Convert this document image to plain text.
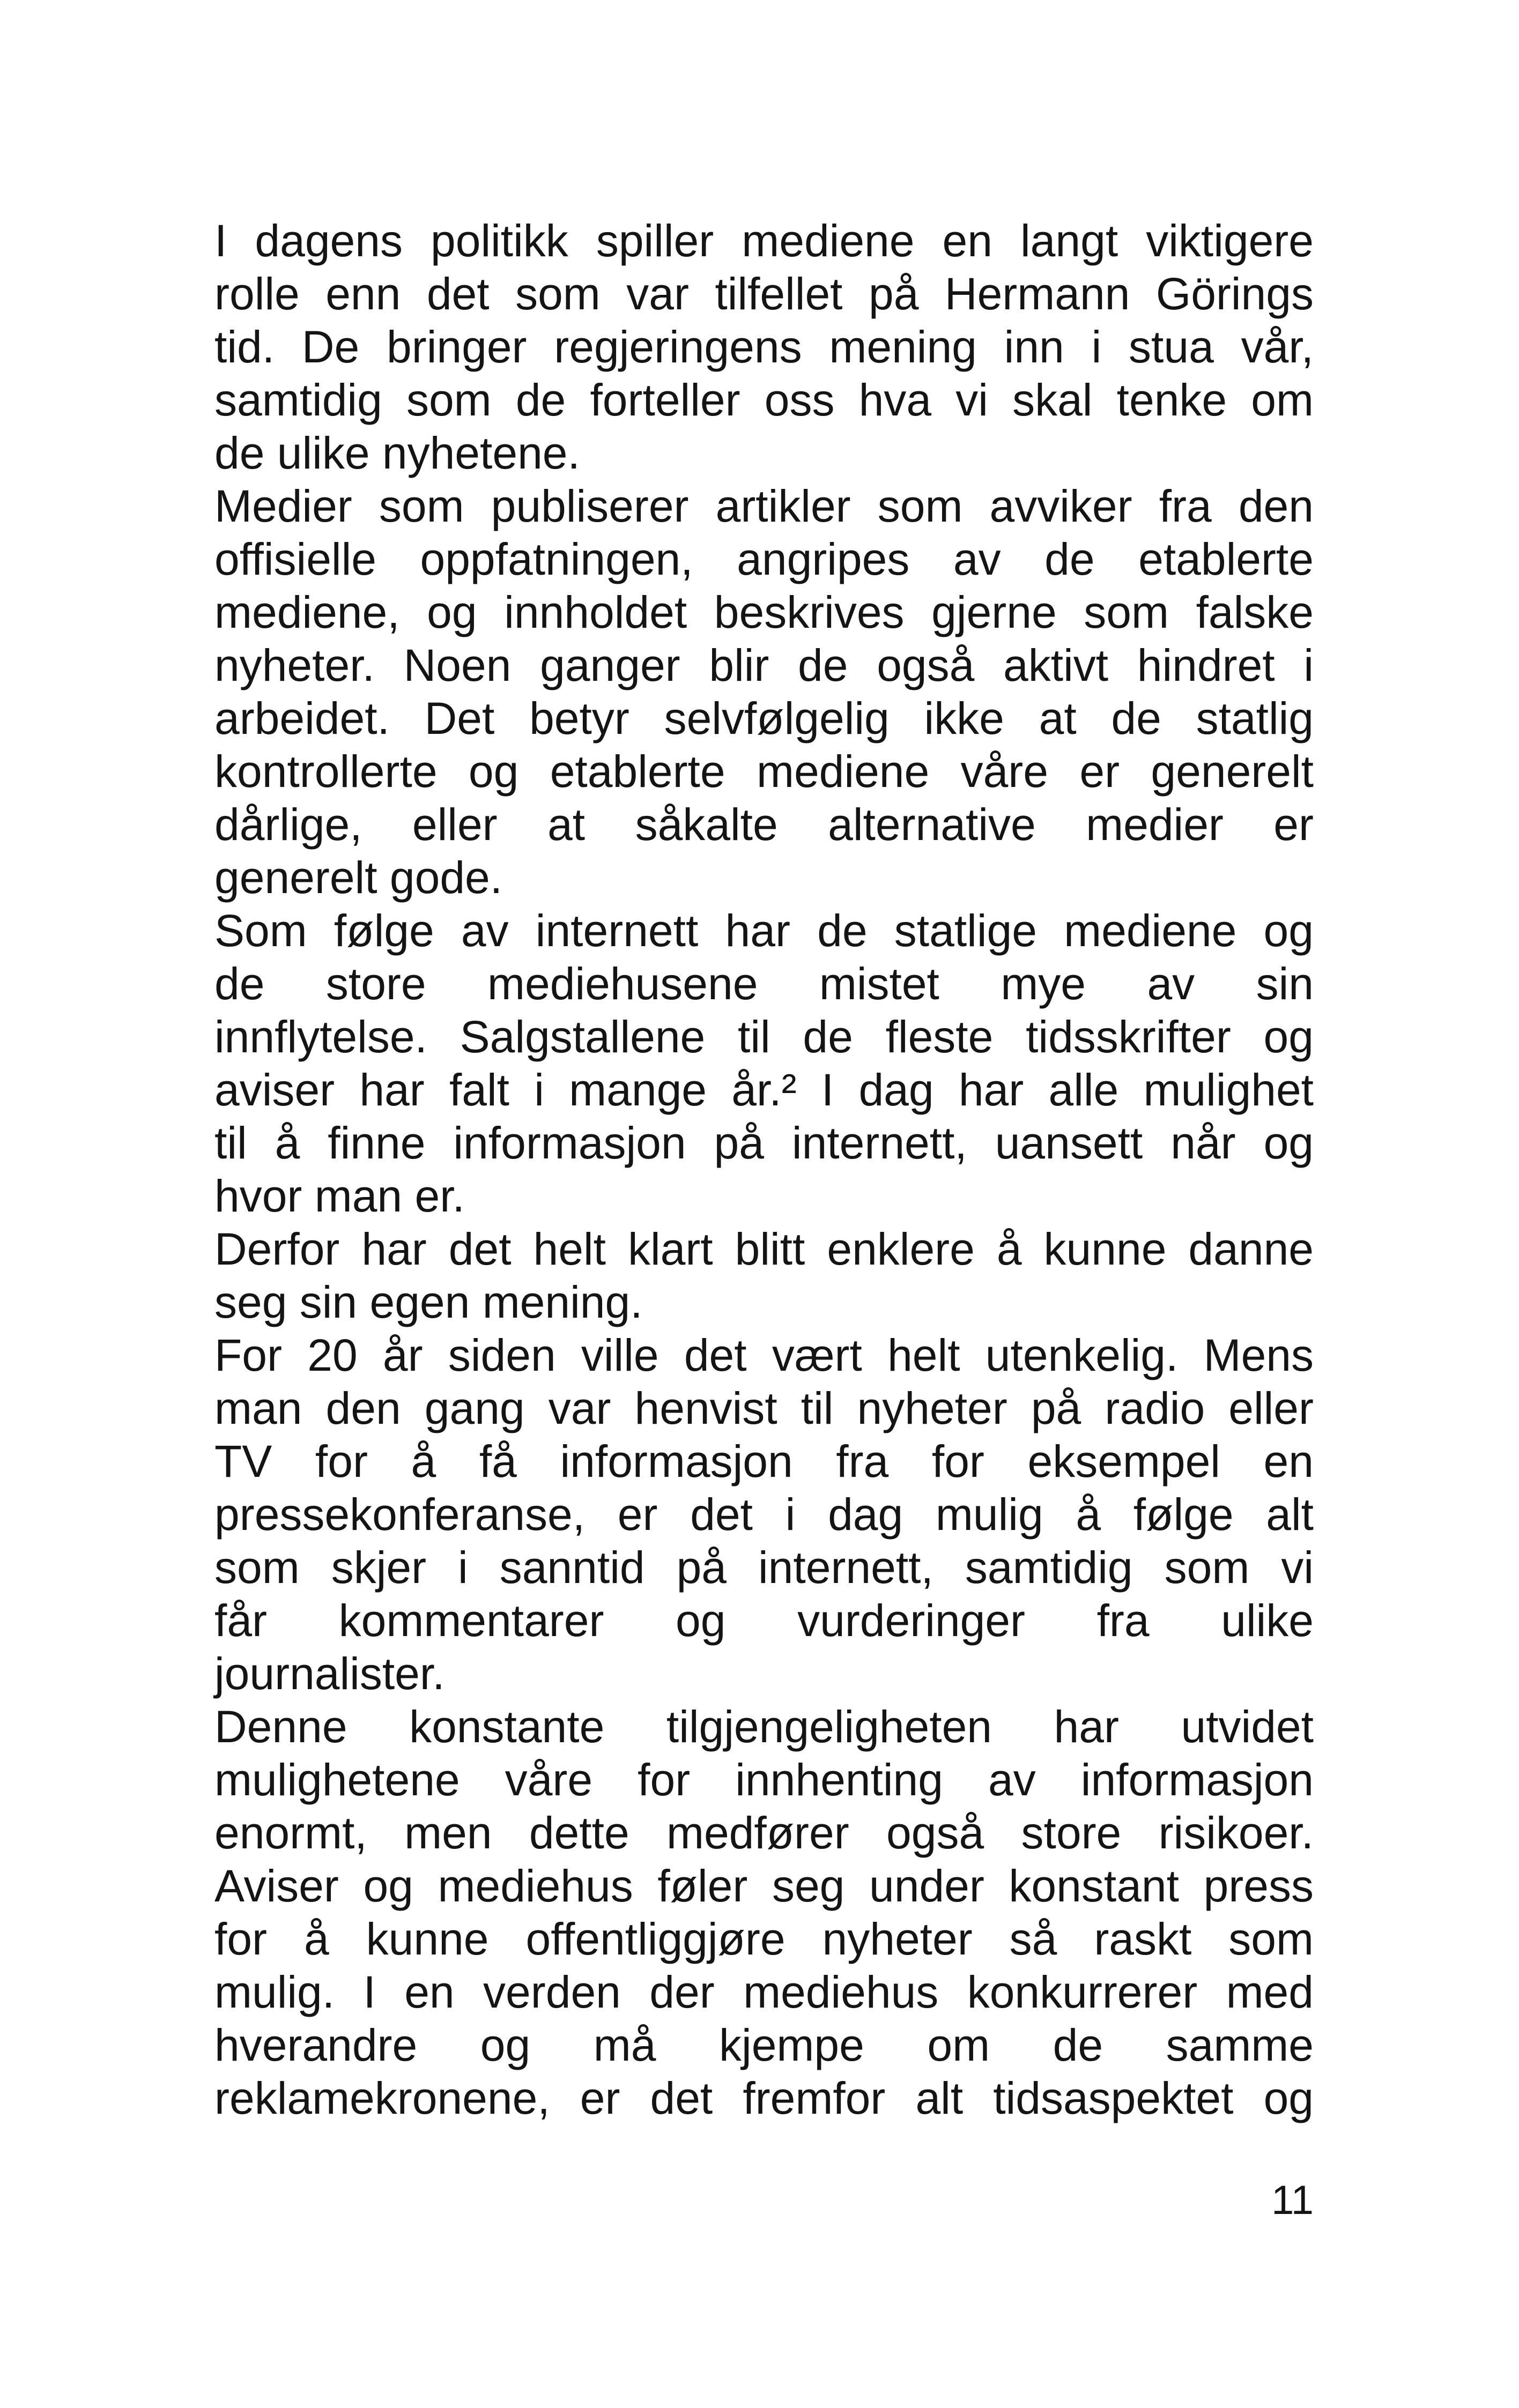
I dagens politikk spiller mediene en langt viktigere
rolle enn det som var tilfellet på Hermann Görings
tid. De bringer regjeringens mening inn i stua vår,
samtidig som de forteller oss hva vi skal tenke om
de ulike nyhetene.
Medier som publiserer artikler som avviker fra den
offisielle oppfatningen, angripes av de etablerte
mediene, og innholdet beskrives gjerne som falske
nyheter. Noen ganger blir de også aktivt hindret i
arbeidet. Det betyr selvfølgelig ikke at de statlig
kontrollerte og etablerte mediene våre er generelt
dårlige, eller at såkalte alternative medier er
generelt gode.
Som følge av internett har de statlige mediene og
de store mediehusene mistet mye av sin
innflytelse. Salgstallene til de fleste tidsskrifter og
aviser har falt i mange år.² I dag har alle mulighet
til å finne informasjon på internett, uansett når og
hvor man er.
Derfor har det helt klart blitt enklere å kunne danne
seg sin egen mening.
For 20 år siden ville det vært helt utenkelig. Mens
man den gang var henvist til nyheter på radio eller
TV for å få informasjon fra for eksempel en
pressekonferanse, er det i dag mulig å følge alt
som skjer i sanntid på internett, samtidig som vi
får kommentarer og vurderinger fra ulike
journalister.
Denne konstante tilgjengeligheten har utvidet
mulighetene våre for innhenting av informasjon
enormt, men dette medfører også store risikoer.
Aviser og mediehus føler seg under konstant press
for å kunne offentliggjøre nyheter så raskt som
mulig. I en verden der mediehus konkurrerer med
hverandre og må kjempe om de samme
reklamekronene, er det fremfor alt tidsaspektet og
11
